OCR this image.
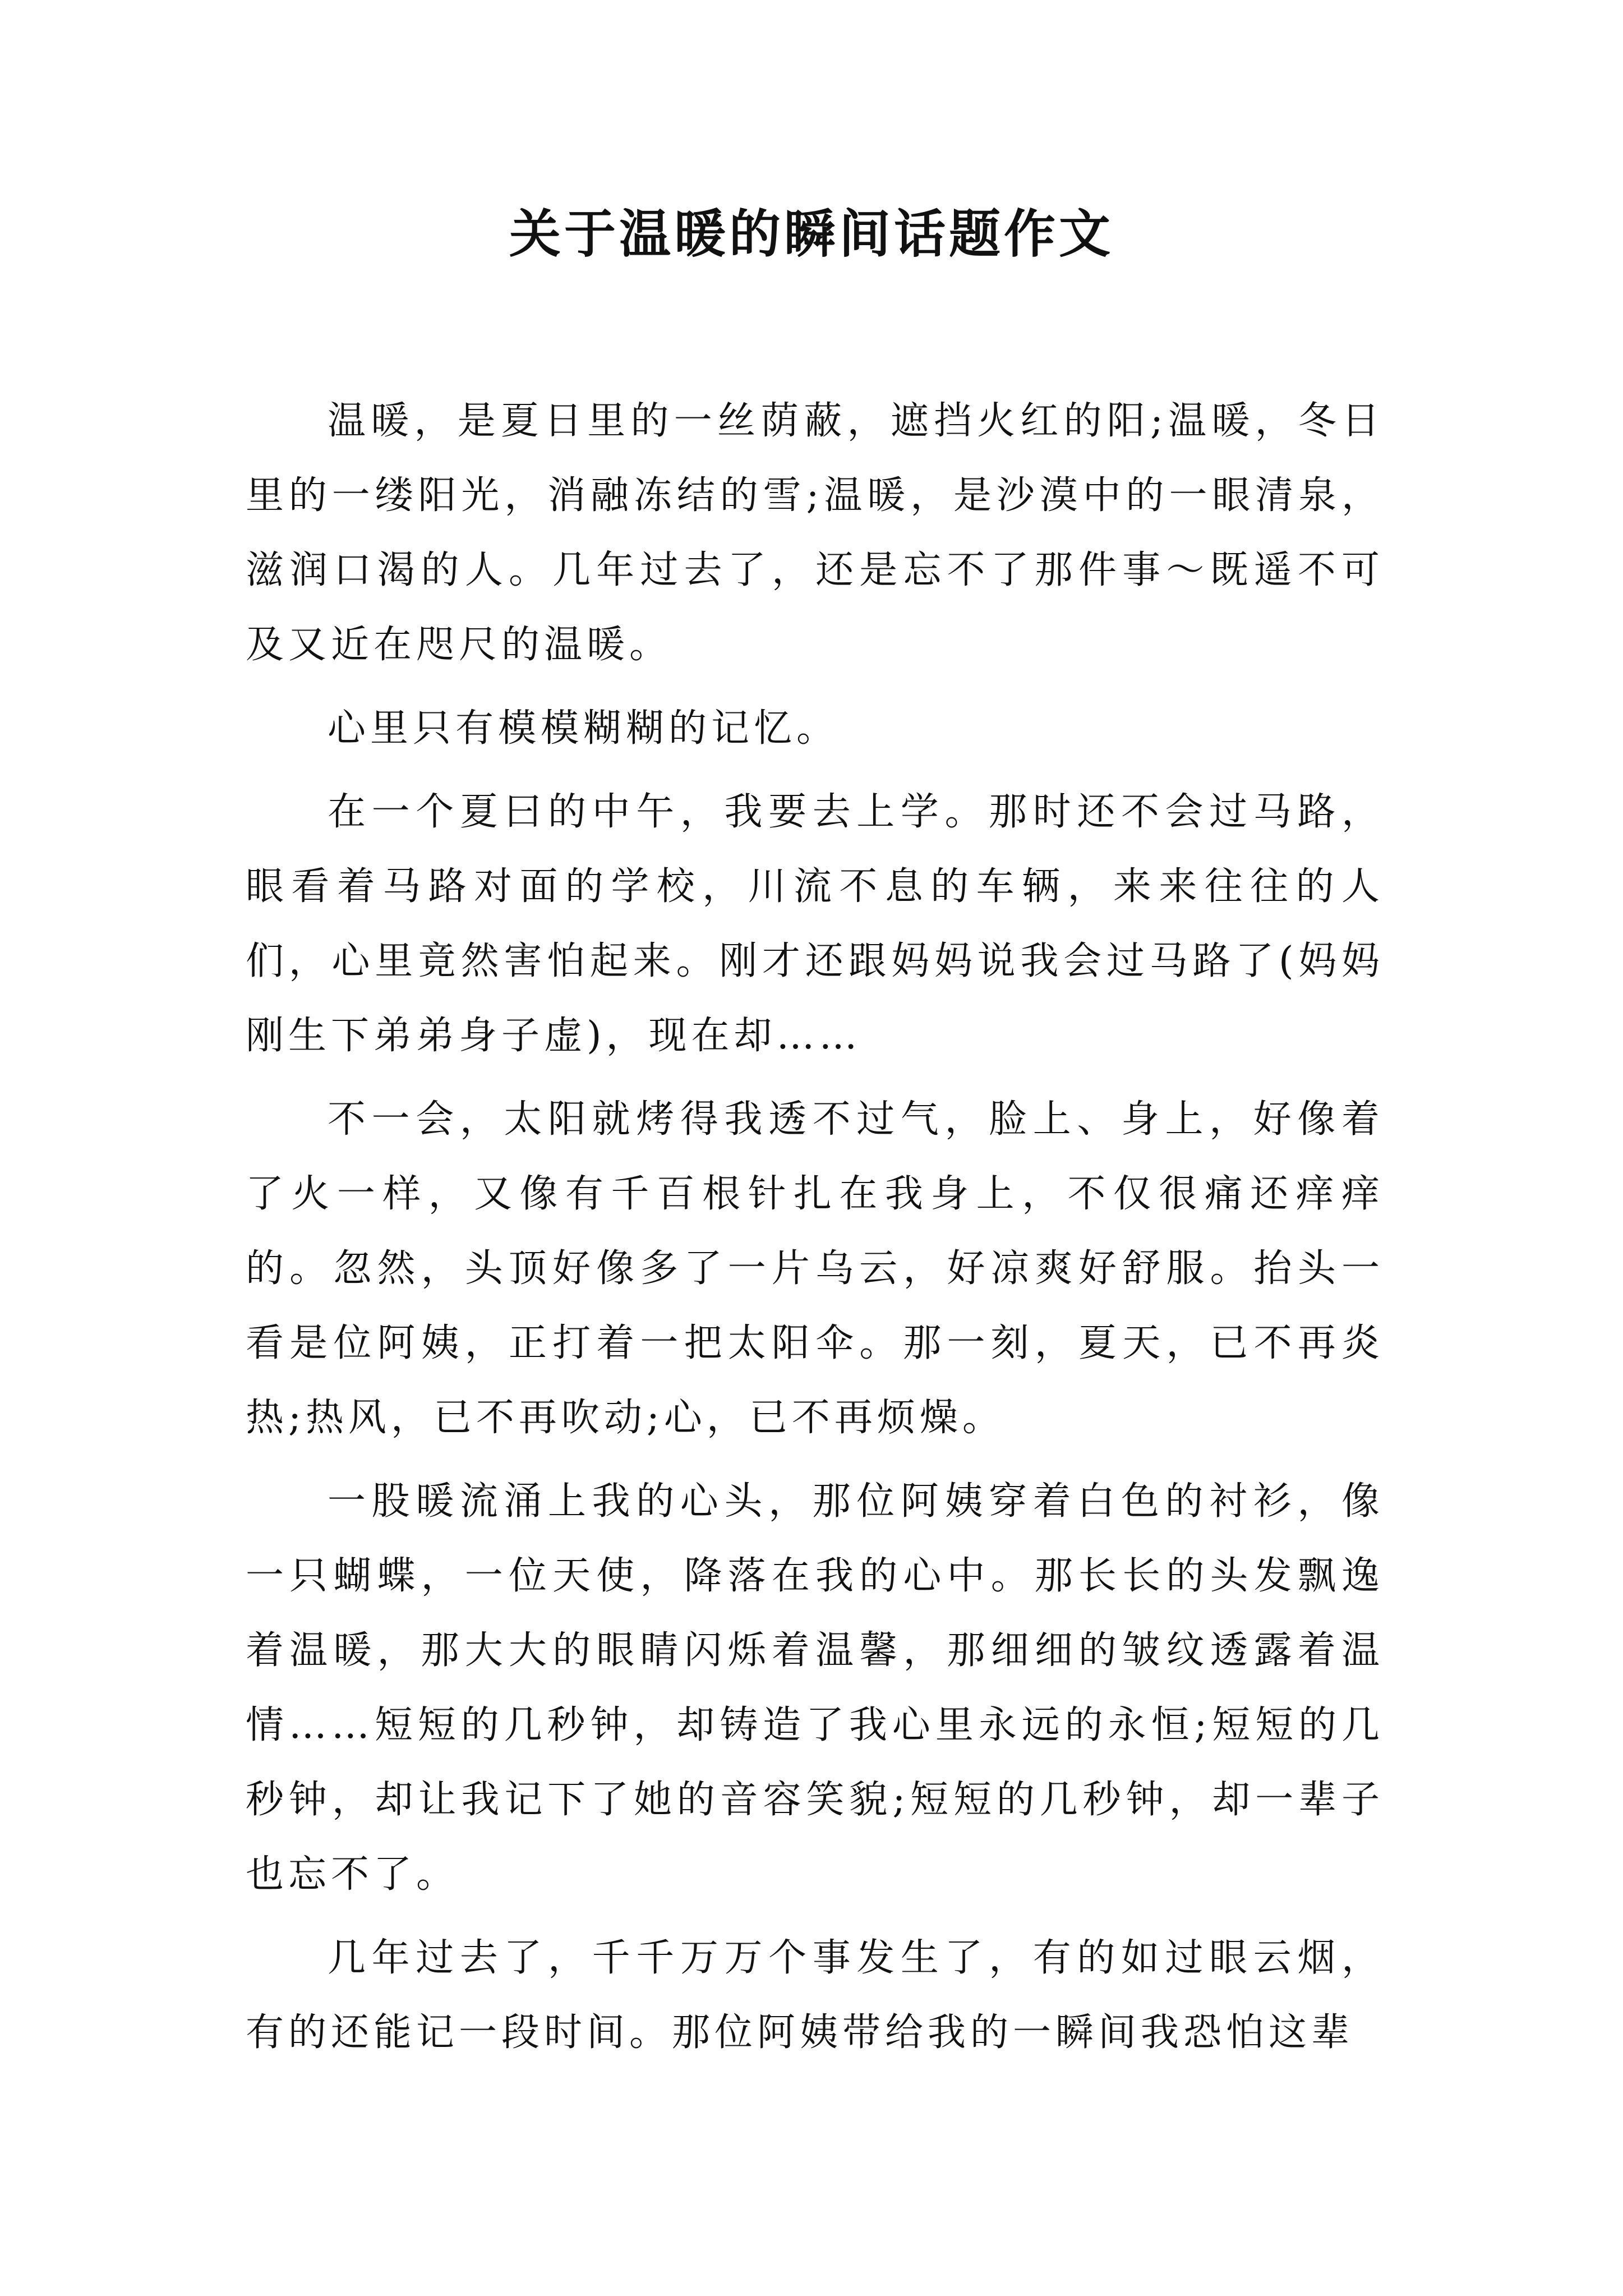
关于温暖的瞬间话题作文

温暖，是夏日里的一丝荫蔽，遮挡火红的阳;温暖，冬日里的一缕阳光，消融冻结的雪;温暖，是沙漠中的一眼清泉，滋润口渴的人。几年过去了，还是忘不了那件事～既遥不可及又近在咫尺的温暖。

心里只有模模糊糊的记忆。

在一个夏曰的中午，我要去上学。那时还不会过马路，眼看着马路对面的学校，川流不息的车辆，来来往往的人们，心里竟然害怕起来。刚才还跟妈妈说我会过马路了(妈妈刚生下弟弟身子虚)，现在却……

不一会，太阳就烤得我透不过气，脸上、身上，好像着了火一样，又像有千百根针扎在我身上，不仅很痛还痒痒的。忽然，头顶好像多了一片乌云，好凉爽好舒服。抬头一看是位阿姨，正打着一把太阳伞。那一刻，夏天，已不再炎热;热风，已不再吹动;心，已不再烦燥。

一股暖流涌上我的心头，那位阿姨穿着白色的衬衫，像一只蝴蝶，一位天使，降落在我的心中。那长长的头发飘逸着温暖，那大大的眼睛闪烁着温馨，那细细的皱纹透露着温情……短短的几秒钟，却铸造了我心里永远的永恒;短短的几秒钟，却让我记下了她的音容笑貌;短短的几秒钟，却一辈子也忘不了。

几年过去了，千千万万个事发生了，有的如过眼云烟，有的还能记一段时间。那位阿姨带给我的一瞬间我恐怕这辈
